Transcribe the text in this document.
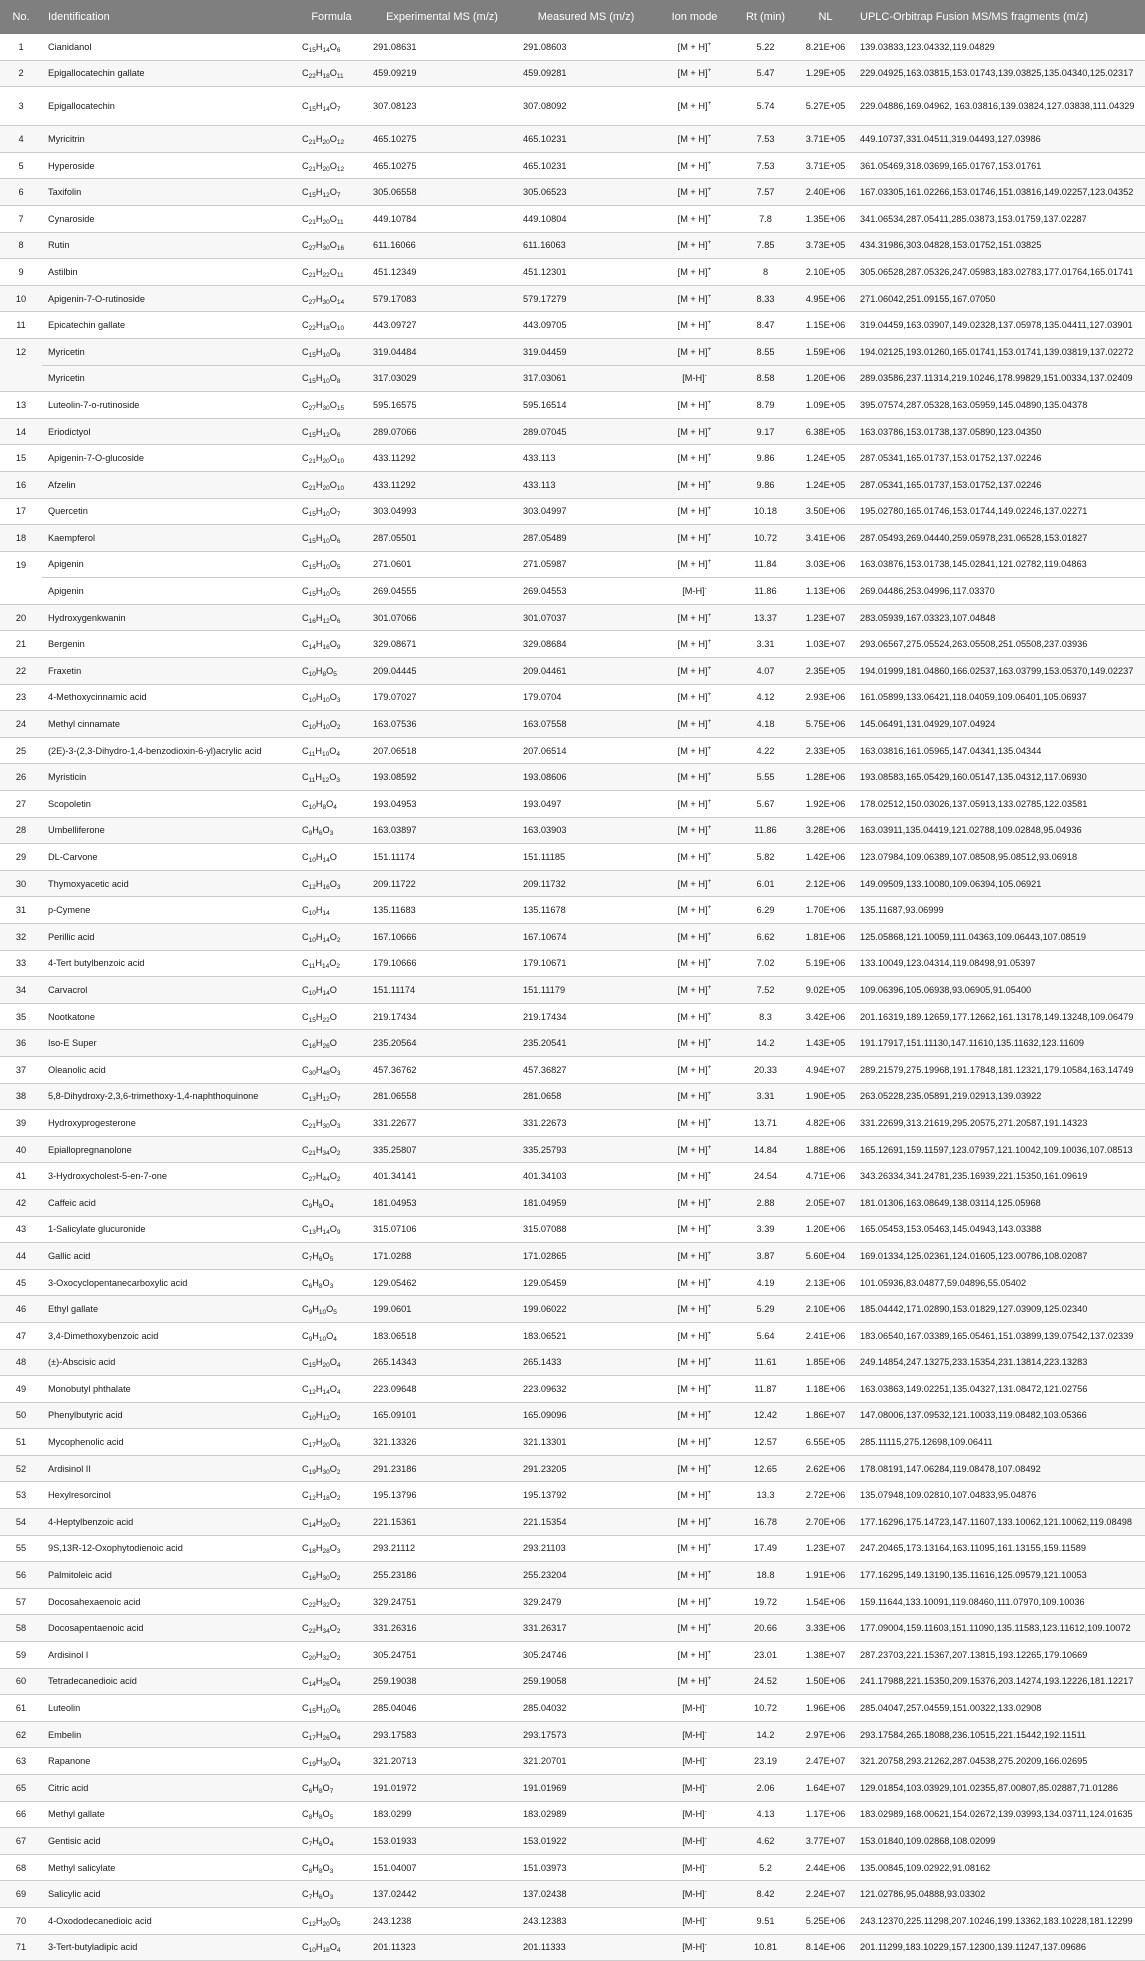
No.	Identification	Formula	Experimental MS (m/z)	Measured MS (m/z)	Ion mode	Rt (min)	NL	UPLC-Orbitrap Fusion MS/MS fragments (m/z)
1	Cianidanol	$C_{15}H_{14}O_6$	291.08631	291.08603	[M + H]+	5.22	8.21E+06	139.03833,123.04332,119.04829
2	Epigallocatechin gallate	$C_{22}H_{18}O_{11}$	459.09219	459.09281	[M + H]+	5.47	1.29E+05	229.04925,163.03815,153.01743,139.03825,135.04340,125.02317
3	Epigallocatechin	$C_{15}H_{14}O_7$	307.08123	307.08092	[M + H]+	5.74	5.27E+05	229.04886,169.04962, 163.03816,139.03824,127.03838,111.04329
4	Myricitrin	$C_{21}H_{20}O_{12}$	465.10275	465.10231	[M + H]+	7.53	3.71E+05	449.10737,331.04511,319.04493,127.03986
5	Hyperoside	$C_{21}H_{20}O_{12}$	465.10275	465.10231	[M + H]+	7.53	3.71E+05	361.05469,318.03699,165.01767,153.01761
6	Taxifolin	$C_{15}H_{12}O_7$	305.06558	305.06523	[M + H]+	7.57	2.40E+06	167.03305,161.02266,153.01746,151.03816,149.02257,123.04352
7	Cynaroside	$C_{21}H_{20}O_{11}$	449.10784	449.10804	[M + H]+	7.8	1.35E+06	341.06534,287.05411,285.03873,153.01759,137.02287
8	Rutin	$C_{27}H_{30}O_{16}$	611.16066	611.16063	[M + H]+	7.85	3.73E+05	434.31986,303.04828,153.01752,151.03825
9	Astilbin	$C_{21}H_{22}O_{11}$	451.12349	451.12301	[M + H]+	8	2.10E+05	305.06528,287.05326,247.05983,183.02783,177.01764,165.01741
10	Apigenin-7-O-rutinoside	$C_{27}H_{30}O_{14}$	579.17083	579.17279	[M + H]+	8.33	4.95E+06	271.06042,251.09155,167.07050
11	Epicatechin gallate	$C_{22}H_{18}O_{10}$	443.09727	443.09705	[M + H]+	8.47	1.15E+06	319.04459,163.03907,149.02328,137.05978,135.04411,127.03901
12	Myricetin	$C_{15}H_{10}O_8$	319.04484	319.04459	[M + H]+	8.55	1.59E+06	194.02125,193.01260,165.01741,153.01741,139.03819,137.02272
	Myricetin	$C_{15}H_{10}O_8$	317.03029	317.03061	[M-H]-	8.58	1.20E+06	289.03586,237.11314,219.10246,178.99829,151.00334,137.02409
13	Luteolin-7-o-rutinoside	$C_{27}H_{30}O_{15}$	595.16575	595.16514	[M + H]+	8.79	1.09E+05	395.07574,287.05328,163.05959,145.04890,135.04378
14	Eriodictyol	$C_{15}H_{12}O_6$	289.07066	289.07045	[M + H]+	9.17	6.38E+05	163.03786,153.01738,137.05890,123.04350
15	Apigenin-7-O-glucoside	$C_{21}H_{20}O_{10}$	433.11292	433.113	[M + H]+	9.86	1.24E+05	287.05341,165.01737,153.01752,137.02246
16	Afzelin	$C_{21}H_{20}O_{10}$	433.11292	433.113	[M + H]+	9.86	1.24E+05	287.05341,165.01737,153.01752,137.02246
17	Quercetin	$C_{15}H_{10}O_7$	303.04993	303.04997	[M + H]+	10.18	3.50E+06	195.02780,165.01746,153.01744,149.02246,137.02271
18	Kaempferol	$C_{15}H_{10}O_6$	287.05501	287.05489	[M + H]+	10.72	3.41E+06	287.05493,269.04440,259.05978,231.06528,153.01827
19	Apigenin	$C_{15}H_{10}O_5$	271.0601	271.05987	[M + H]+	11.84	3.03E+06	163.03876,153.01738,145.02841,121.02782,119.04863
	Apigenin	$C_{15}H_{10}O_5$	269.04555	269.04553	[M-H]-	11.86	1.13E+06	269.04486,253.04996,117.03370
20	Hydroxygenkwanin	$C_{16}H_{12}O_6$	301.07066	301.07037	[M + H]+	13.37	1.23E+07	283.05939,167.03323,107.04848
21	Bergenin	$C_{14}H_{16}O_9$	329.08671	329.08684	[M + H]+	3.31	1.03E+07	293.06567,275.05524,263.05508,251.05508,237.03936
22	Fraxetin	$C_{10}H_8O_5$	209.04445	209.04461	[M + H]+	4.07	2.35E+05	194.01999,181.04860,166.02537,163.03799,153.05370,149.02237
23	4-Methoxycinnamic acid	$C_{10}H_{10}O_3$	179.07027	179.0704	[M + H]+	4.12	2.93E+06	161.05899,133.06421,118.04059,109.06401,105.06937
24	Methyl cinnamate	$C_{10}H_{10}O_2$	163.07536	163.07558	[M + H]+	4.18	5.75E+06	145.06491,131.04929,107.04924
25	(2E)-3-(2,3-Dihydro-1,4-benzodioxin-6-yl)acrylic acid	$C_{11}H_{10}O_4$	207.06518	207.06514	[M + H]+	4.22	2.33E+05	163.03816,161.05965,147.04341,135.04344
26	Myristicin	$C_{11}H_{12}O_3$	193.08592	193.08606	[M + H]+	5.55	1.28E+06	193.08583,165.05429,160.05147,135.04312,117.06930
27	Scopoletin	$C_{10}H_8O_4$	193.04953	193.0497	[M + H]+	5.67	1.92E+06	178.02512,150.03026,137.05913,133.02785,122.03581
28	Umbelliferone	$C_9H_6O_3$	163.03897	163.03903	[M + H]+	11.86	3.28E+06	163.03911,135.04419,121.02788,109.02848,95.04936
29	DL-Carvone	$C_{10}H_{14}O$	151.11174	151.11185	[M + H]+	5.82	1.42E+06	123.07984,109.06389,107.08508,95.08512,93.06918
30	Thymoxyacetic acid	$C_{12}H_{16}O_3$	209.11722	209.11732	[M + H]+	6.01	2.12E+06	149.09509,133.10080,109.06394,105.06921
31	p-Cymene	$C_{10}H_{14}$	135.11683	135.11678	[M + H]+	6.29	1.70E+06	135.11687,93.06999
32	Perillic acid	$C_{10}H_{14}O_2$	167.10666	167.10674	[M + H]+	6.62	1.81E+06	125.05868,121.10059,111.04363,109.06443,107.08519
33	4-Tert butylbenzoic acid	$C_{11}H_{14}O_2$	179.10666	179.10671	[M + H]+	7.02	5.19E+06	133.10049,123.04314,119.08498,91.05397
34	Carvacrol	$C_{10}H_{14}O$	151.11174	151.11179	[M + H]+	7.52	9.02E+05	109.06396,105.06938,93.06905,91.05400
35	Nootkatone	$C_{15}H_{22}O$	219.17434	219.17434	[M + H]+	8.3	3.42E+06	201.16319,189.12659,177.12662,161.13178,149.13248,109.06479
36	Iso-E Super	$C_{16}H_{26}O$	235.20564	235.20541	[M + H]+	14.2	1.43E+05	191.17917,151.11130,147.11610,135.11632,123.11609
37	Oleanolic acid	$C_{30}H_{48}O_3$	457.36762	457.36827	[M + H]+	20.33	4.94E+07	289.21579,275.19968,191.17848,181.12321,179.10584,163.14749
38	5,8-Dihydroxy-2,3,6-trimethoxy-1,4-naphthoquinone	$C_{13}H_{12}O_7$	281.06558	281.0658	[M + H]+	3.31	1.90E+05	263.05228,235.05891,219.02913,139.03922
39	Hydroxyprogesterone	$C_{21}H_{30}O_3$	331.22677	331.22673	[M + H]+	13.71	4.82E+06	331.22699,313.21619,295.20575,271.20587,191.14323
40	Epiallopregnanolone	$C_{21}H_{34}O_2$	335.25807	335.25793	[M + H]+	14.84	1.88E+06	165.12691,159.11597,123.07957,121.10042,109.10036,107.08513
41	3-Hydroxycholest-5-en-7-one	$C_{27}H_{44}O_2$	401.34141	401.34103	[M + H]+	24.54	4.71E+06	343.26334,341.24781,235.16939,221.15350,161.09619
42	Caffeic acid	$C_9H_8O_4$	181.04953	181.04959	[M + H]+	2.88	2.05E+07	181.01306,163.08649,138.03114,125.05968
43	1-Salicylate glucuronide	$C_{13}H_{14}O_9$	315.07106	315.07088	[M + H]+	3.39	1.20E+06	165.05453,153.05463,145.04943,143.03388
44	Gallic acid	$C_7H_6O_5$	171.0288	171.02865	[M + H]+	3.87	5.60E+04	169.01334,125.02361,124.01605,123.00786,108.02087
45	3-Oxocyclopentanecarboxylic acid	$C_6H_8O_3$	129.05462	129.05459	[M + H]+	4.19	2.13E+06	101.05936,83.04877,59.04896,55.05402
46	Ethyl gallate	$C_9H_{10}O_5$	199.0601	199.06022	[M + H]+	5.29	2.10E+06	185.04442,171.02890,153.01829,127.03909,125.02340
47	3,4-Dimethoxybenzoic acid	$C_9H_{10}O_4$	183.06518	183.06521	[M + H]+	5.64	2.41E+06	183.06540,167.03389,165.05461,151.03899,139.07542,137.02339
48	(±)-Abscisic acid	$C_{15}H_{20}O_4$	265.14343	265.1433	[M + H]+	11.61	1.85E+06	249.14854,247.13275,233.15354,231.13814,223.13283
49	Monobutyl phthalate	$C_{12}H_{14}O_4$	223.09648	223.09632	[M + H]+	11.87	1.18E+06	163.03863,149.02251,135.04327,131.08472,121.02756
50	Phenylbutyric acid	$C_{10}H_{12}O_2$	165.09101	165.09096	[M + H]+	12.42	1.86E+07	147.08006,137.09532,121.10033,119.08482,103.05366
51	Mycophenolic acid	$C_{17}H_{20}O_6$	321.13326	321.13301	[M + H]+	12.57	6.55E+05	285.11115,275.12698,109.06411
52	Ardisinol II	$C_{19}H_{30}O_2$	291.23186	291.23205	[M + H]+	12.65	2.62E+06	178.08191,147.06284,119.08478,107.08492
53	Hexylresorcinol	$C_{12}H_{18}O_2$	195.13796	195.13792	[M + H]+	13.3	2.72E+06	135.07948,109.02810,107.04833,95.04876
54	4-Heptylbenzoic acid	$C_{14}H_{20}O_2$	221.15361	221.15354	[M + H]+	16.78	2.70E+06	177.16296,175.14723,147.11607,133.10062,121.10062,119.08498
55	9S,13R-12-Oxophytodienoic acid	$C_{18}H_{28}O_3$	293.21112	293.21103	[M + H]+	17.49	1.23E+07	247.20465,173.13164,163.11095,161.13155,159.11589
56	Palmitoleic acid	$C_{16}H_{30}O_2$	255.23186	255.23204	[M + H]+	18.8	1.91E+06	177.16295,149.13190,135.11616,125.09579,121.10053
57	Docosahexaenoic acid	$C_{22}H_{32}O_2$	329.24751	329.2479	[M + H]+	19.72	1.54E+06	159.11644,133.10091,119.08460,111.07970,109.10036
58	Docosapentaenoic acid	$C_{22}H_{34}O_2$	331.26316	331.26317	[M + H]+	20.66	3.33E+06	177.09004,159.11603,151.11090,135.11583,123.11612,109.10072
59	Ardisinol I	$C_{20}H_{32}O_2$	305.24751	305.24746	[M + H]+	23.01	1.38E+07	287.23703,221.15367,207.13815,193.12265,179.10669
60	Tetradecanedioic acid	$C_{14}H_{26}O_4$	259.19038	259.19058	[M + H]+	24.52	1.50E+06	241.17988,221.15350,209.15376,203.14274,193.12226,181.12217
61	Luteolin	$C_{15}H_{10}O_6$	285.04046	285.04032	[M-H]-	10.72	1.96E+06	285.04047,257.04559,151.00322,133.02908
62	Embelin	$C_{17}H_{26}O_4$	293.17583	293.17573	[M-H]-	14.2	2.97E+06	293.17584,265.18088,236.10515,221.15442,192.11511
63	Rapanone	$C_{19}H_{30}O_4$	321.20713	321.20701	[M-H]-	23.19	2.47E+07	321.20758,293.21262,287.04538,275.20209,166.02695
65	Citric acid	$C_6H_8O_7$	191.01972	191.01969	[M-H]-	2.06	1.64E+07	129.01854,103.03929,101.02355,87.00807,85.02887,71.01286
66	Methyl gallate	$C_8H_8O_5$	183.0299	183.02989	[M-H]-	4.13	1.17E+06	183.02989,168.00621,154.02672,139.03993,134.03711,124.01635
67	Gentisic acid	$C_7H_6O_4$	153.01933	153.01922	[M-H]-	4.62	3.77E+07	153.01840,109.02868,108.02099
68	Methyl salicylate	$C_8H_8O_3$	151.04007	151.03973	[M-H]-	5.2	2.44E+06	135.00845,109.02922,91.08162
69	Salicylic acid	$C_7H_6O_3$	137.02442	137.02438	[M-H]-	8.42	2.24E+07	121.02786,95.04888,93.03302
70	4-Oxododecanedioic acid	$C_{12}H_{20}O_5$	243.1238	243.12383	[M-H]-	9.51	5.25E+06	243.12370,225.11298,207.10246,199.13362,183.10228,181.12299
71	3-Tert-butyladipic acid	$C_{10}H_{18}O_4$	201.11323	201.11333	[M-H]-	10.81	8.14E+06	201.11299,183.10229,157.12300,139.11247,137.09686
